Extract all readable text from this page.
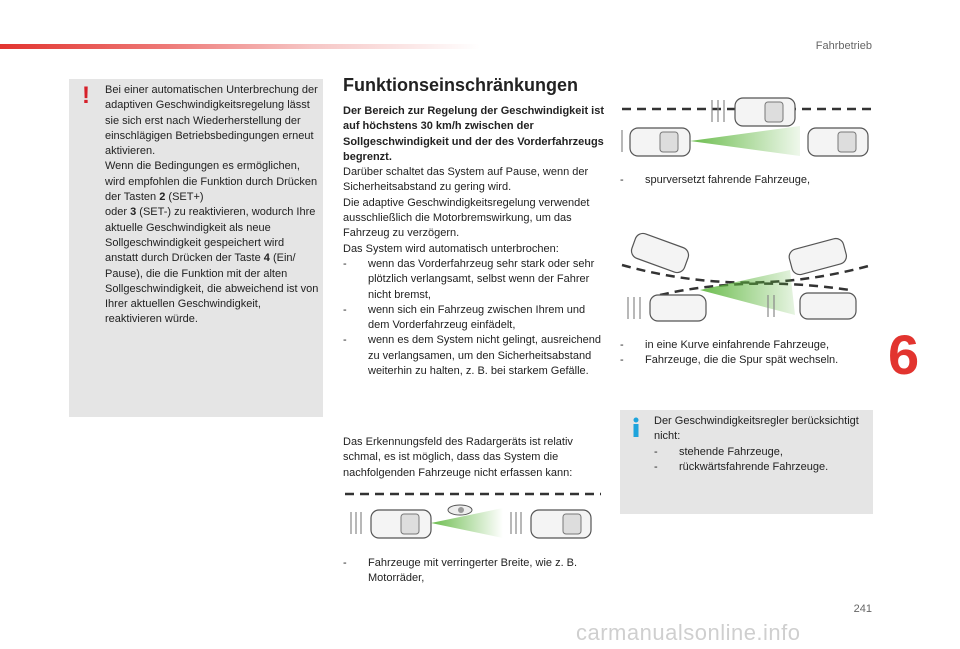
Fahrbetrieb
! Bei einer automatischen Unterbrechung der adaptiven Geschwindigkeitsregelung lässt sie sich erst nach Wiederherstellung der einschlägigen Betriebsbedingungen erneut aktivieren.
Wenn die Bedingungen es ermöglichen, wird empfohlen die Funktion durch Drücken der Tasten 2 (SET+)
oder 3 (SET-) zu reaktivieren, wodurch Ihre aktuelle Geschwindigkeit als neue Sollgeschwindigkeit gespeichert wird anstatt durch Drücken der Taste 4 (Ein/ Pause), die die Funktion mit der alten Sollgeschwindigkeit, die abweichend ist von Ihrer aktuellen Geschwindigkeit, reaktivieren würde.
Funktionseinschränkungen

Der Bereich zur Regelung der Geschwindigkeit ist auf höchstens 30 km/h zwischen der Sollgeschwindigkeit und der des Vorderfahrzeugs begrenzt.

Darüber schaltet das System auf Pause, wenn der Sicherheitsabstand zu gering wird.

Die adaptive Geschwindigkeitsregelung verwendet ausschließlich die Motorbremswirkung, um das Fahrzeug zu verzögern.

Das System wird automatisch unterbrochen:

- wenn das Vorderfahrzeug sehr stark oder sehr plötzlich verlangsamt, selbst wenn der Fahrer nicht bremst,
- wenn sich ein Fahrzeug zwischen Ihrem und dem Vorderfahrzeug einfädelt,
- wenn es dem System nicht gelingt, ausreichend zu verlangsamen, um den Sicherheitsabstand weiterhin zu halten, z. B. bei starkem Gefälle.
Das Erkennungsfeld des Radargeräts ist relativ schmal, es ist möglich, dass das System die nachfolgenden Fahrzeuge nicht erfassen kann:
-	Fahrzeuge mit verringerter Breite, wie z. B. Motorräder,
-	spurversetzt fahrende Fahrzeuge,
-	in eine Kurve einfahrende Fahrzeuge,
-	Fahrzeuge, die die Spur spät wechseln.
Der Geschwindigkeitsregler berücksichtigt nicht:
- stehende Fahrzeuge,
- rückwärtsfahrende Fahrzeuge.
6
241
carmanualsonline.info
